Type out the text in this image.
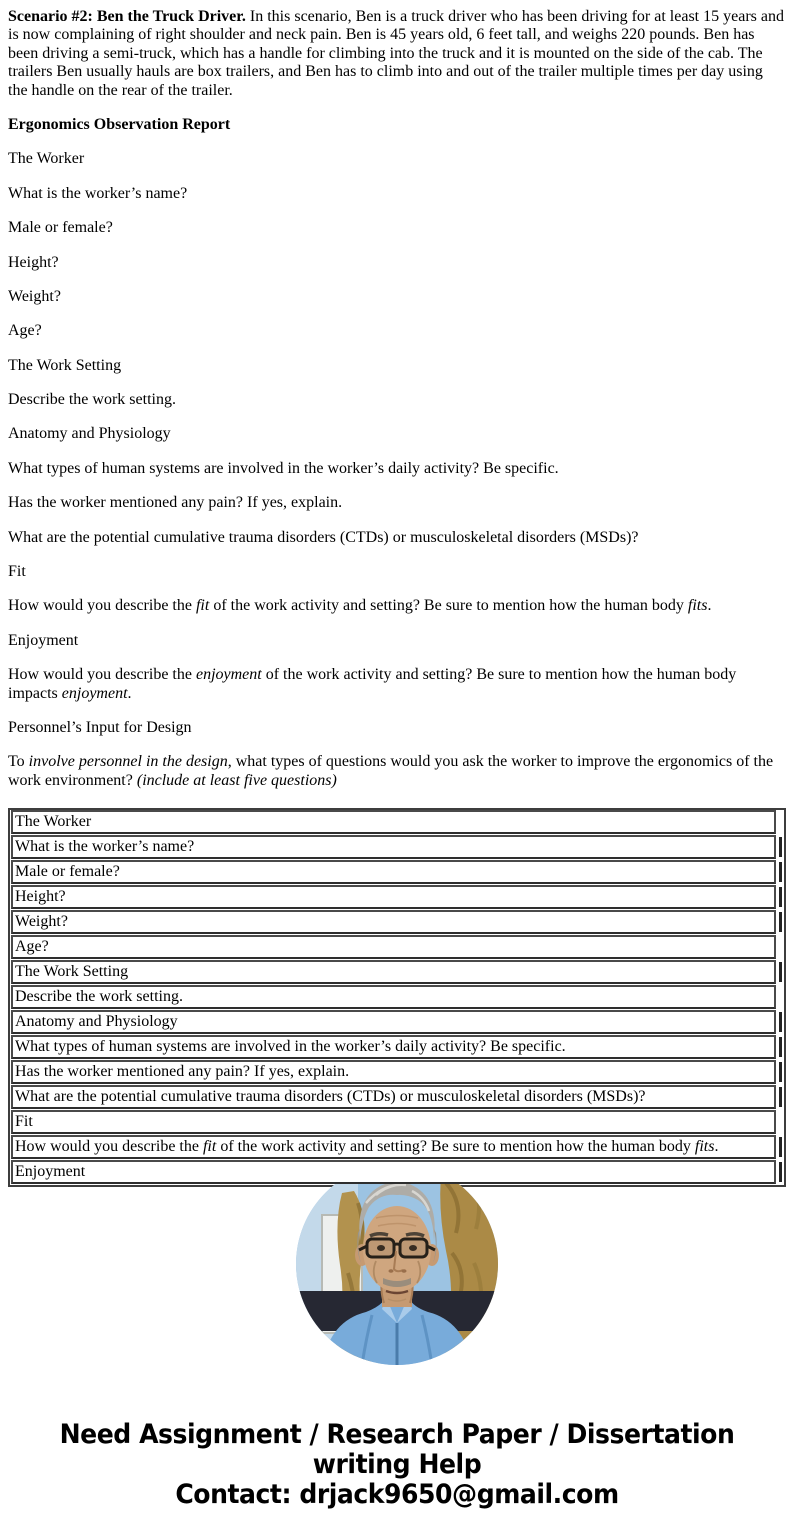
Scenario #2: Ben the Truck Driver. In this scenario, Ben is a truck driver who has been driving for at least 15 years and is now complaining of right shoulder and neck pain. Ben is 45 years old, 6 feet tall, and weighs 220 pounds. Ben has been driving a semi-truck, which has a handle for climbing into the truck and it is mounted on the side of the cab. The trailers Ben usually hauls are box trailers, and Ben has to climb into and out of the trailer multiple times per day using the handle on the rear of the trailer.

Ergonomics Observation Report

The Worker

What is the worker’s name?

Male or female?

Height?

Weight?

Age?

The Work Setting

Describe the work setting.

Anatomy and Physiology

What types of human systems are involved in the worker’s daily activity? Be specific.

Has the worker mentioned any pain? If yes, explain.

What are the potential cumulative trauma disorders (CTDs) or musculoskeletal disorders (MSDs)?

Fit

How would you describe the fit of the work activity and setting? Be sure to mention how the human body fits.

Enjoyment

How would you describe the enjoyment of the work activity and setting? Be sure to mention how the human body impacts enjoyment.

Personnel’s Input for Design

To involve personnel in the design, what types of questions would you ask the worker to improve the ergonomics of the work environment? (include at least five questions)

The Worker
What is the worker’s name?
Male or female?
Height?
Weight?
Age?
The Work Setting
Describe the work setting.
Anatomy and Physiology
What types of human systems are involved in the worker’s daily activity? Be specific.
Has the worker mentioned any pain? If yes, explain.
What are the potential cumulative trauma disorders (CTDs) or musculoskeletal disorders (MSDs)?
Fit
How would you describe the fit of the work activity and setting? Be sure to mention how the human body fits.
Enjoyment
Need Assignment / Research Paper / Dissertation
writing Help
Contact: drjack9650@gmail.com
